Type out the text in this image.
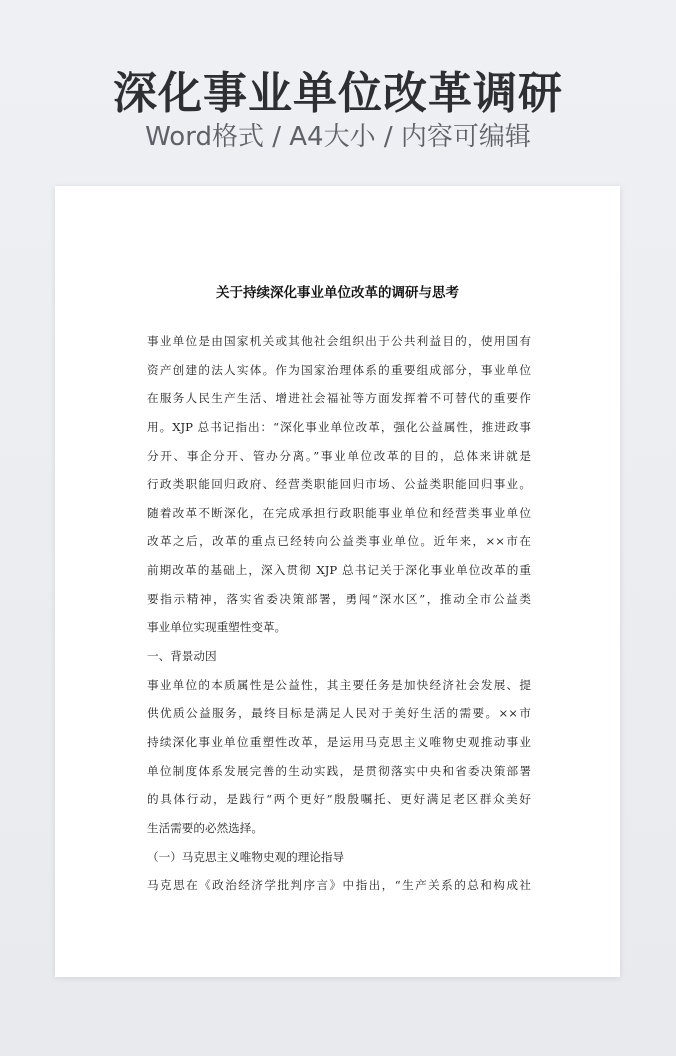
深化事业单位改革调研
Word格式 / A4大小 / 内容可编辑
关于持续深化事业单位改革的调研与思考
事业单位是由国家机关或其他社会组织出于公共利益目的，使用国有
资产创建的法人实体。作为国家治理体系的重要组成部分，事业单位
在服务人民生产生活、增进社会福祉等方面发挥着不可替代的重要作
用。XJP 总书记指出：“深化事业单位改革，强化公益属性，推进政事
分开、事企分开、管办分离。”事业单位改革的目的，总体来讲就是
行政类职能回归政府、经营类职能回归市场、公益类职能回归事业。
随着改革不断深化，在完成承担行政职能事业单位和经营类事业单位
改革之后，改革的重点已经转向公益类事业单位。近年来，××市在
前期改革的基础上，深入贯彻 XJP 总书记关于深化事业单位改革的重
要指示精神，落实省委决策部署，勇闯“深水区”，推动全市公益类
事业单位实现重塑性变革。
一、背景动因
事业单位的本质属性是公益性，其主要任务是加快经济社会发展、提
供优质公益服务，最终目标是满足人民对于美好生活的需要。××市
持续深化事业单位重塑性改革，是运用马克思主义唯物史观推动事业
单位制度体系发展完善的生动实践，是贯彻落实中央和省委决策部署
的具体行动，是践行“两个更好”殷殷嘱托、更好满足老区群众美好
生活需要的必然选择。
（一）马克思主义唯物史观的理论指导
马克思在《政治经济学批判序言》中指出，“生产关系的总和构成社
